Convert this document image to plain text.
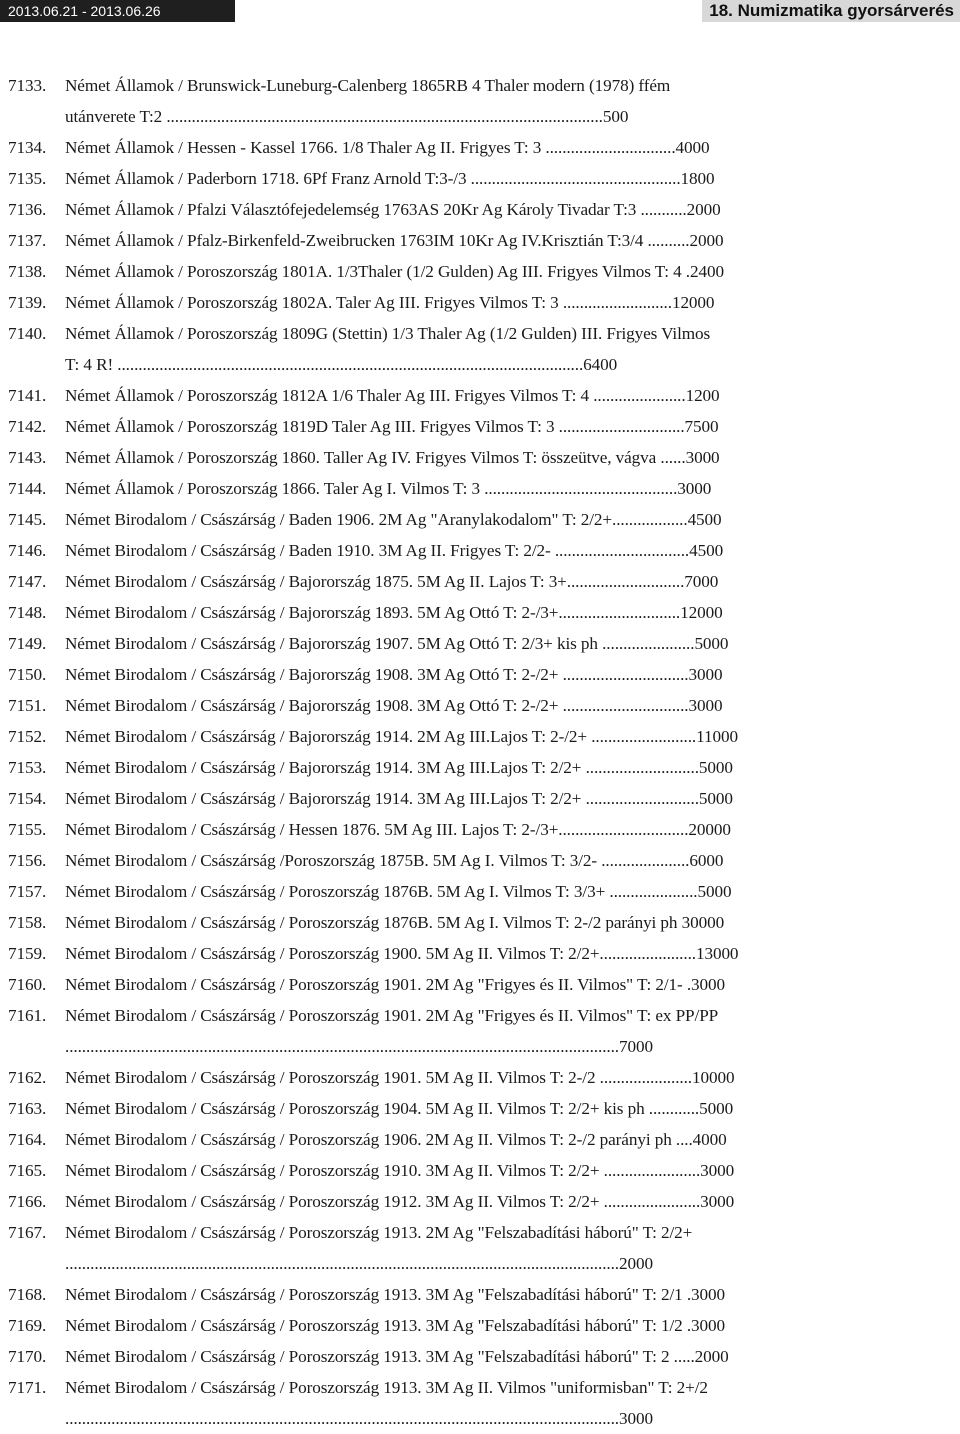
2013.06.21 - 2013.06.26	18. Numizmatika gyorsárverés
7133.	Német Államok / Brunswick-Luneburg-Calenberg 1865RB 4 Thaler modern (1978) ffém
utánverete T:2 ........................................................................................................500
7134.	Német Államok / Hessen - Kassel 1766. 1/8 Thaler Ag II. Frigyes T: 3 ...............................4000
7135.	Német Államok / Paderborn 1718. 6Pf Franz Arnold T:3-/3 ..................................................1800
7136.	Német Államok / Pfalzi Választófejedelemség 1763AS 20Kr Ag Károly Tivadar T:3 ...........2000
7137.	Német Államok / Pfalz-Birkenfeld-Zweibrucken 1763IM 10Kr Ag IV.Krisztián T:3/4 ..........2000
7138.	Német Államok / Poroszország 1801A. 1/3Thaler (1/2 Gulden) Ag III. Frigyes Vilmos T: 4 .2400
7139.	Német Államok / Poroszország 1802A. Taler Ag III. Frigyes Vilmos T: 3 ..........................12000
7140.	Német Államok / Poroszország 1809G (Stettin) 1/3 Thaler Ag (1/2 Gulden) III. Frigyes Vilmos
T: 4 R! ...............................................................................................................6400
7141.	Német Államok / Poroszország 1812A 1/6 Thaler Ag III. Frigyes Vilmos T: 4 ......................1200
7142.	Német Államok / Poroszország 1819D Taler Ag III. Frigyes Vilmos T: 3 ..............................7500
7143.	Német Államok / Poroszország 1860. Taller Ag IV. Frigyes Vilmos T: összeütve, vágva ......3000
7144.	Német Államok / Poroszország 1866. Taler Ag I. Vilmos T: 3 ..............................................3000
7145.	Német Birodalom / Császárság / Baden 1906. 2M Ag "Aranylakodalom" T: 2/2+..................4500
7146.	Német Birodalom / Császárság / Baden 1910. 3M Ag II. Frigyes T: 2/2- ................................4500
7147.	Német Birodalom / Császárság / Bajorország 1875. 5M Ag II. Lajos T: 3+............................7000
7148.	Német Birodalom / Császárság / Bajorország 1893. 5M Ag Ottó T: 2-/3+.............................12000
7149.	Német Birodalom / Császárság / Bajorország 1907. 5M Ag Ottó T: 2/3+ kis ph ......................5000
7150.	Német Birodalom / Császárság / Bajorország 1908. 3M Ag Ottó T: 2-/2+ ..............................3000
7151.	Német Birodalom / Császárság / Bajorország 1908. 3M Ag Ottó T: 2-/2+ ..............................3000
7152.	Német Birodalom / Császárság / Bajorország 1914. 2M Ag III.Lajos T: 2-/2+ .........................11000
7153.	Német Birodalom / Császárság / Bajorország 1914. 3M Ag III.Lajos T: 2/2+ ...........................5000
7154.	Német Birodalom / Császárság / Bajorország 1914. 3M Ag III.Lajos T: 2/2+ ...........................5000
7155.	Német Birodalom / Császárság / Hessen 1876. 5M Ag III. Lajos T: 2-/3+...............................20000
7156.	Német Birodalom / Császárság /Poroszország 1875B. 5M Ag I. Vilmos T: 3/2- .....................6000
7157.	Német Birodalom / Császárság / Poroszország 1876B. 5M Ag I. Vilmos T: 3/3+ .....................5000
7158.	Német Birodalom / Császárság / Poroszország 1876B. 5M Ag I. Vilmos T: 2-/2 parányi ph 30000
7159.	Német Birodalom / Császárság / Poroszország 1900. 5M Ag II. Vilmos T: 2/2+.......................13000
7160.	Német Birodalom / Császárság / Poroszország 1901. 2M Ag "Frigyes és II. Vilmos" T: 2/1- .3000
7161.	Német Birodalom / Császárság / Poroszország 1901. 2M Ag "Frigyes és II. Vilmos" T: ex PP/PP
....................................................................................................................................7000
7162.	Német Birodalom / Császárság / Poroszország 1901. 5M Ag II. Vilmos T: 2-/2 ......................10000
7163.	Német Birodalom / Császárság / Poroszország 1904. 5M Ag II. Vilmos T: 2/2+ kis ph ............5000
7164.	Német Birodalom / Császárság / Poroszország 1906. 2M Ag II. Vilmos T: 2-/2 parányi ph ....4000
7165.	Német Birodalom / Császárság / Poroszország 1910. 3M Ag II. Vilmos T: 2/2+ .......................3000
7166.	Német Birodalom / Császárság / Poroszország 1912. 3M Ag II. Vilmos T: 2/2+ .......................3000
7167.	Német Birodalom / Császárság / Poroszország 1913. 2M Ag "Felszabadítási háború" T: 2/2+
....................................................................................................................................2000
7168.	Német Birodalom / Császárság / Poroszország 1913. 3M Ag "Felszabadítási háború" T: 2/1 .3000
7169.	Német Birodalom / Császárság / Poroszország 1913. 3M Ag "Felszabadítási háború" T: 1/2 .3000
7170.	Német Birodalom / Császárság / Poroszország 1913. 3M Ag "Felszabadítási háború" T: 2 .....2000
7171.	Német Birodalom / Császárság / Poroszország 1913. 3M Ag II. Vilmos "uniformisban" T: 2+/2
....................................................................................................................................3000
